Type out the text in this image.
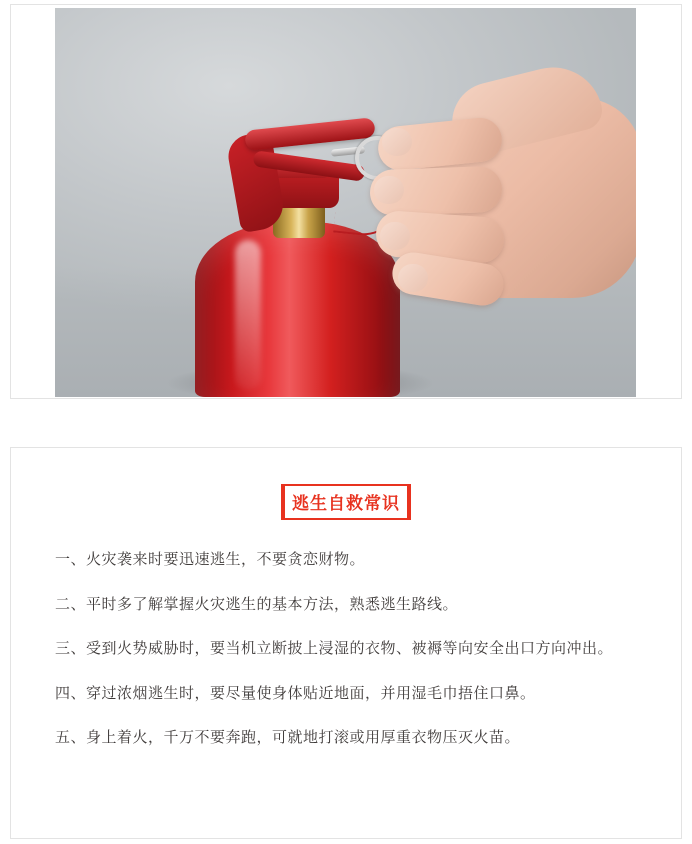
逃生自救常识

一、火灾袭来时要迅速逃生，不要贪恋财物。

二、平时多了解掌握火灾逃生的基本方法，熟悉逃生路线。

三、受到火势威胁时，要当机立断披上浸湿的衣物、被褥等向安全出口方向冲出。

四、穿过浓烟逃生时，要尽量使身体贴近地面，并用湿毛巾捂住口鼻。

五、身上着火，千万不要奔跑，可就地打滚或用厚重衣物压灭火苗。
